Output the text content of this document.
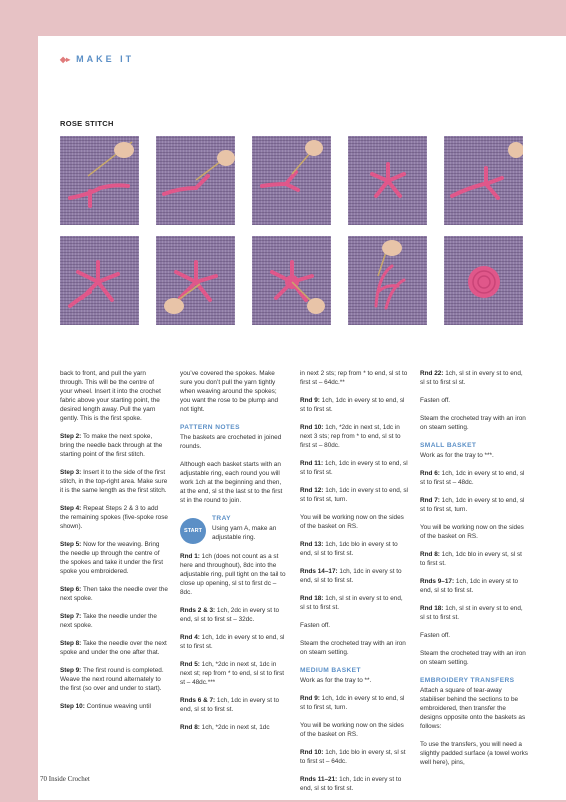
◆▸ MAKE IT
ROSE STITCH

back to front, and pull the yarn through. This will be the centre of your wheel. Insert it into the crochet fabric above your starting point, the desired length away. Pull the yarn gently. This is the first spoke.

Step 2: To make the next spoke, bring the needle back through at the starting point of the first stitch.

Step 3: Insert it to the side of the first stitch, in the top-right area. Make sure it is the same length as the first stitch.

Step 4: Repeat Steps 2 & 3 to add the remaining spokes (five-spoke rose shown).

Step 5: Now for the weaving. Bring the needle up through the centre of the spokes and take it under the first spoke you embroidered.

Step 6: Then take the needle over the next spoke.

Step 7: Take the needle under the next spoke.

Step 8: Take the needle over the next spoke and under the one after that.

Step 9: The first round is completed. Weave the next round alternately to the first (so over and under to start).

Step 10: Continue weaving until

you’ve covered the spokes. Make sure you don’t pull the yarn tightly when weaving around the spokes; you want the rose to be plump and not tight.

PATTERN NOTES

The baskets are crocheted in joined rounds.

Although each basket starts with an adjustable ring, each round you will work 1ch at the beginning and then, at the end, sl st the last st to the first st in the round to join.

START
TRAY
Using yarn A, make an adjustable ring.

Rnd 1: 1ch (does not count as a st here and throughout), 8dc into the adjustable ring, pull tight on the tail to close up opening, sl st to first dc – 8dc.

Rnds 2 & 3: 1ch, 2dc in every st to end, sl st to first st – 32dc.

Rnd 4: 1ch, 1dc in every st to end, sl st to first st.

Rnd 5: 1ch, *2dc in next st, 1dc in next st; rep from * to end, sl st to first st – 48dc.***

Rnds 6 & 7: 1ch, 1dc in every st to end, sl st to first st.

Rnd 8: 1ch, *2dc in next st, 1dc

in next 2 sts; rep from * to end, sl st to first st – 64dc.**

Rnd 9: 1ch, 1dc in every st to end, sl st to first st.

Rnd 10: 1ch, *2dc in next st, 1dc in next 3 sts; rep from * to end, sl st to first st – 80dc.

Rnd 11: 1ch, 1dc in every st to end, sl st to first st.

Rnd 12: 1ch, 1dc in every st to end, sl st to first st, turn.

You will be working now on the sides of the basket on RS.

Rnd 13: 1ch, 1dc blo in every st to end, sl st to first st.

Rnds 14–17: 1ch, 1dc in every st to end, sl st to first st.

Rnd 18: 1ch, sl st in every st to end, sl st to first st.

Fasten off.

Steam the crocheted tray with an iron on steam setting.

MEDIUM BASKET

Work as for the tray to **.

Rnd 9: 1ch, 1dc in every st to end, sl st to first st, turn.

You will be working now on the sides of the basket on RS.

Rnd 10: 1ch, 1dc blo in every st, sl st to first st – 64dc.

Rnds 11–21: 1ch, 1dc in every st to end, sl st to first st.

Rnd 22: 1ch, sl st in every st to end, sl st to first sl st.

Fasten off.

Steam the crocheted tray with an iron on steam setting.

SMALL BASKET

Work as for the tray to ***.

Rnd 6: 1ch, 1dc in every st to end, sl st to first st – 48dc.

Rnd 7: 1ch, 1dc in every st to end, sl st to first st, turn.

You will be working now on the sides of the basket on RS.

Rnd 8: 1ch, 1dc blo in every st, sl st to first st.

Rnds 9–17: 1ch, 1dc in every st to end, sl st to first st.

Rnd 18: 1ch, sl st in every st to end, sl st to first st.

Fasten off.

Steam the crocheted tray with an iron on steam setting.

EMBROIDERY TRANSFERS

Attach a square of tear-away stabiliser behind the sections to be embroidered, then transfer the designs opposite onto the baskets as follows:

To use the transfers, you will need a slightly padded surface (a towel works well here), pins,

70 Inside Crochet
PassionForum.ru
